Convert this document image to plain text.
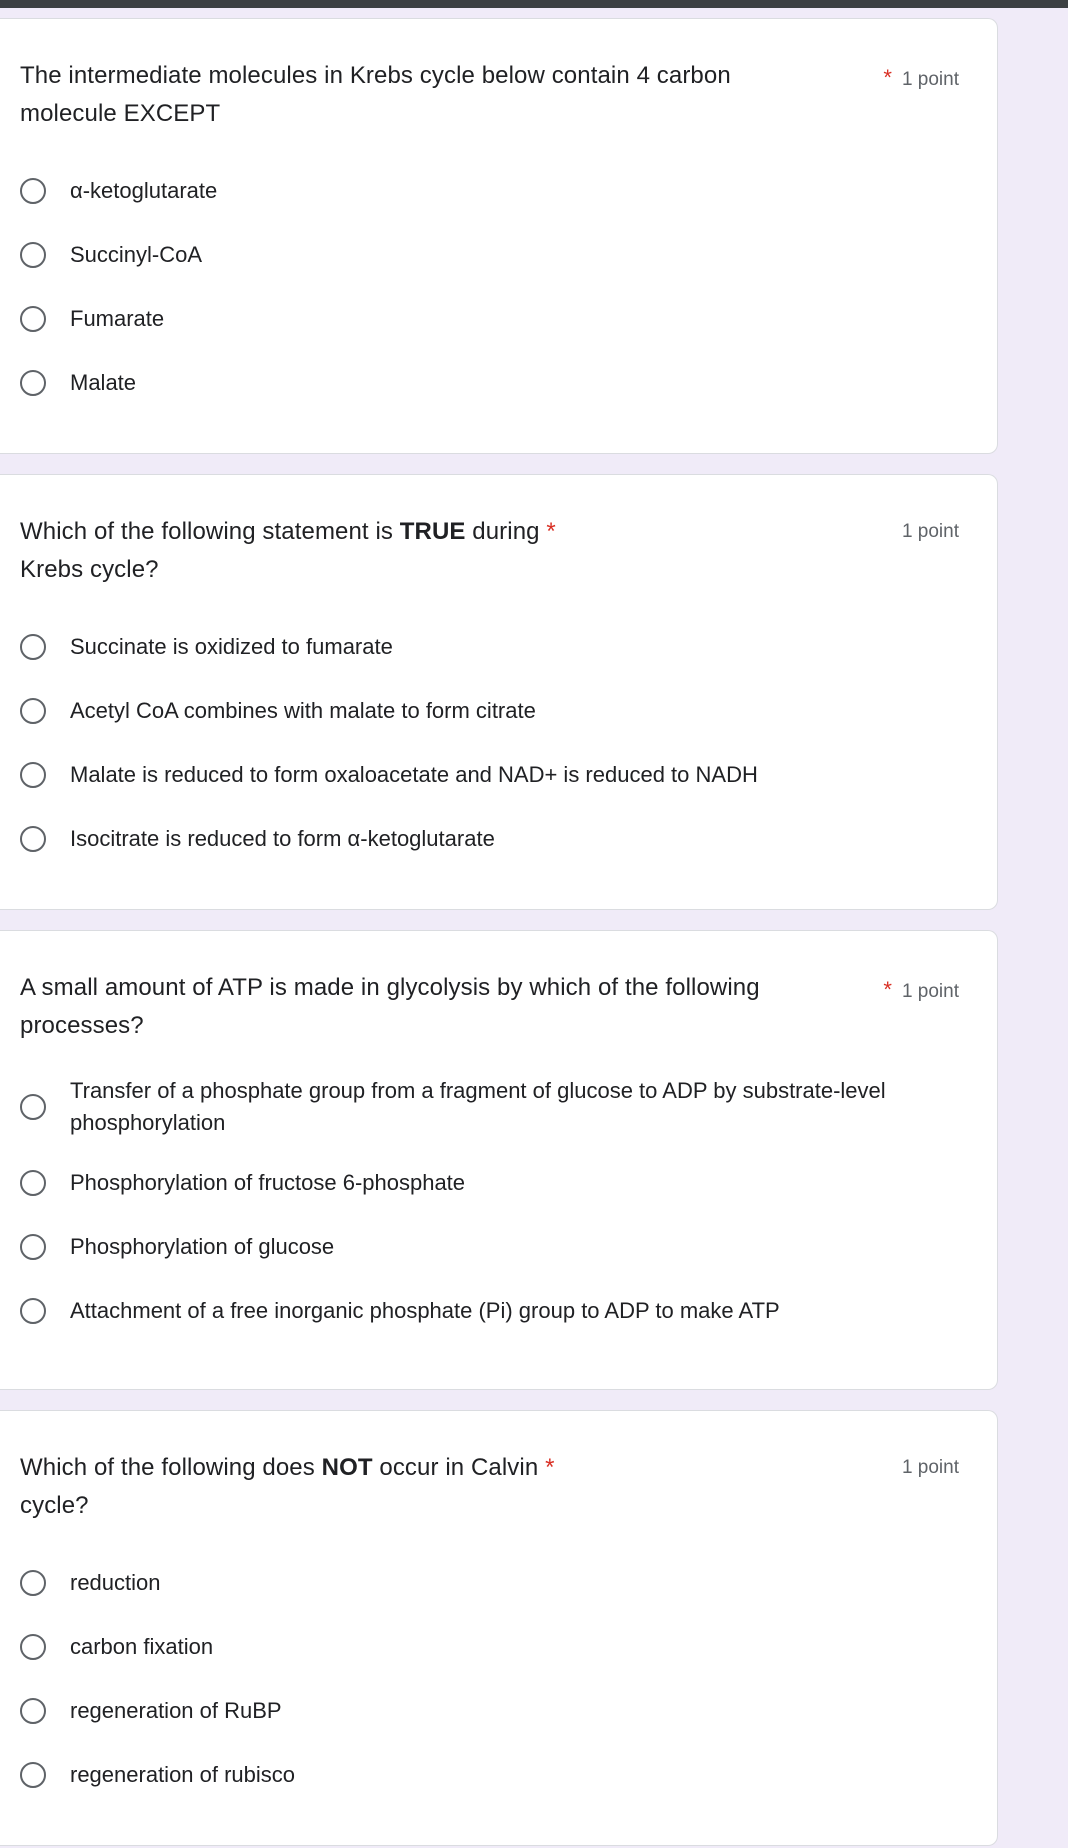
The intermediate molecules in Krebs cycle below contain 4 carbon molecule EXCEPT
* 1 point
α-ketoglutarate
Succinyl-CoA
Fumarate
Malate
Which of the following statement is TRUE during *
Krebs cycle?
1 point
Succinate is oxidized to fumarate
Acetyl CoA combines with malate to form citrate
Malate is reduced to form oxaloacetate and NAD+ is reduced to NADH
Isocitrate is reduced to form α-ketoglutarate
A small amount of ATP is made in glycolysis by which of the following processes?
* 1 point
Transfer of a phosphate group from a fragment of glucose to ADP by substrate-level phosphorylation
Phosphorylation of fructose 6-phosphate
Phosphorylation of glucose
Attachment of a free inorganic phosphate (Pi) group to ADP to make ATP
Which of the following does NOT occur in Calvin *
cycle?
1 point
reduction
carbon fixation
regeneration of RuBP
regeneration of rubisco
